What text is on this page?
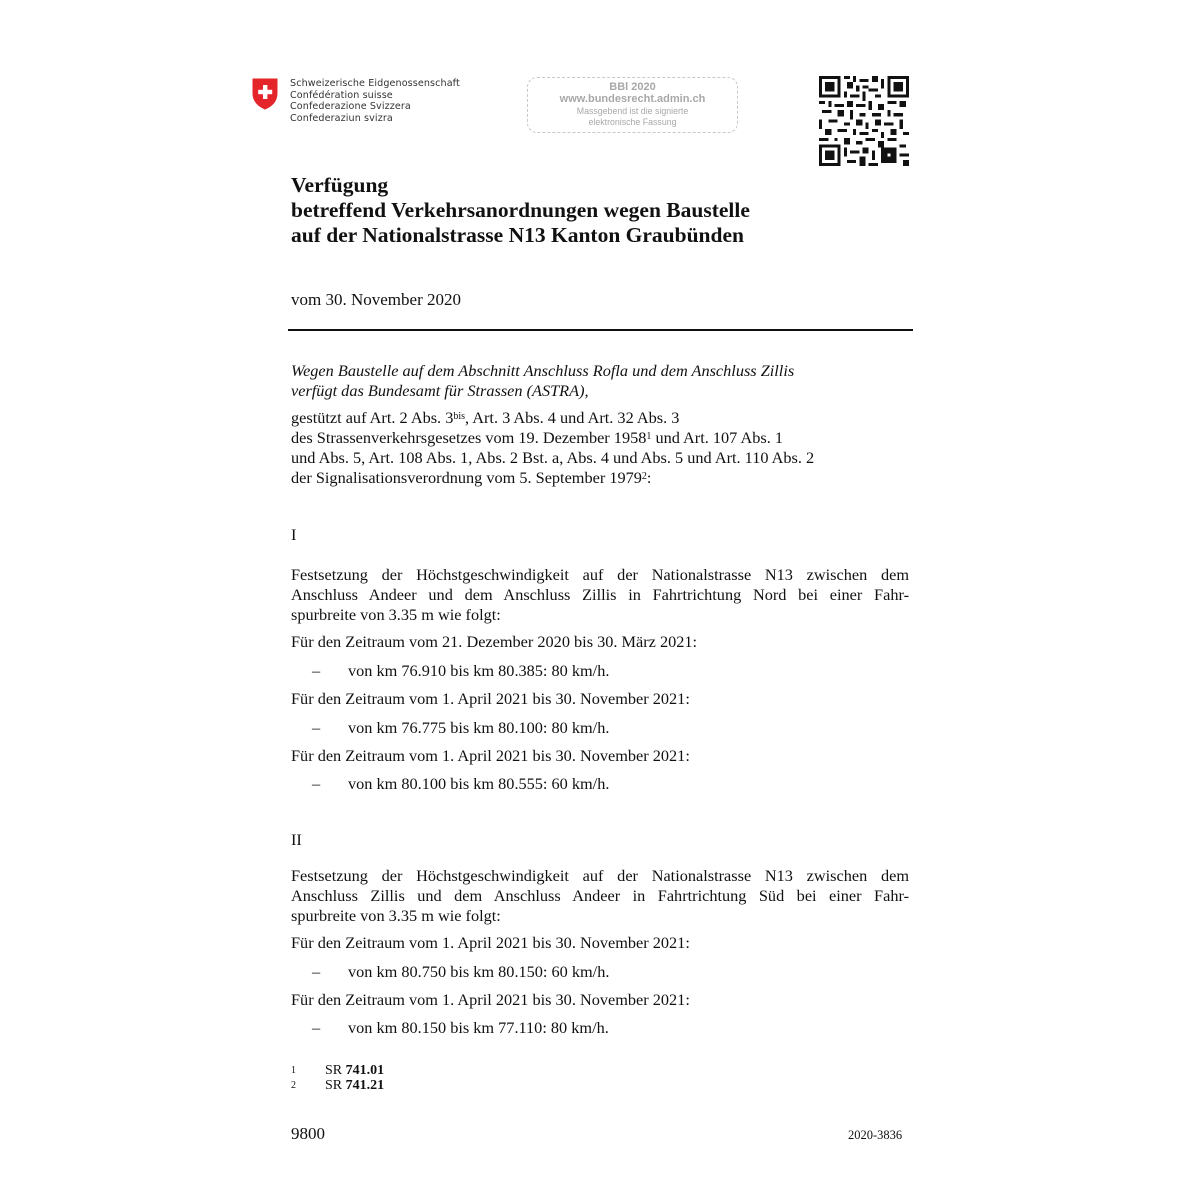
Schweizerische Eidgenossenschaft
Confédération suisse
Confederazione Svizzera
Confederaziun svizra
BBl 2020
www.bundesrecht.admin.ch
Massgebend ist die signierte
elektronische Fassung
Verfügung
betreffend Verkehrsanordnungen wegen Baustelle
auf der Nationalstrasse N13 Kanton Graubünden
vom 30. November 2020
Wegen Baustelle auf dem Abschnitt Anschluss Rofla und dem Anschluss Zillis
verfügt das Bundesamt für Strassen (ASTRA),
gestützt auf Art. 2 Abs. $3^{bis}$, Art. 3 Abs. 4 und Art. 32 Abs. 3
des Strassenverkehrsgesetzes vom 19. Dezember 1958$^1$ und Art. 107 Abs. 1
und Abs. 5, Art. 108 Abs. 1, Abs. 2 Bst. a, Abs. 4 und Abs. 5 und Art. 110 Abs. 2
der Signalisationsverordnung vom 5. September 1979$^2$:
I
Festsetzung der Höchstgeschwindigkeit auf der Nationalstrasse N13 zwischen dem
Anschluss Andeer und dem Anschluss Zillis in Fahrtrichtung Nord bei einer Fahr-
spurbreite von 3.35 m wie folgt:
Für den Zeitraum vom 21. Dezember 2020 bis 30. März 2021:
– von km 76.910 bis km 80.385: 80 km/h.
Für den Zeitraum vom 1. April 2021 bis 30. November 2021:
– von km 76.775 bis km 80.100: 80 km/h.
Für den Zeitraum vom 1. April 2021 bis 30. November 2021:
– von km 80.100 bis km 80.555: 60 km/h.
II
Festsetzung der Höchstgeschwindigkeit auf der Nationalstrasse N13 zwischen dem
Anschluss Zillis und dem Anschluss Andeer in Fahrtrichtung Süd bei einer Fahr-
spurbreite von 3.35 m wie folgt:
Für den Zeitraum vom 1. April 2021 bis 30. November 2021:
– von km 80.750 bis km 80.150: 60 km/h.
Für den Zeitraum vom 1. April 2021 bis 30. November 2021:
– von km 80.150 bis km 77.110: 80 km/h.
1 SR 741.01
2 SR 741.21
9800	2020-3836
